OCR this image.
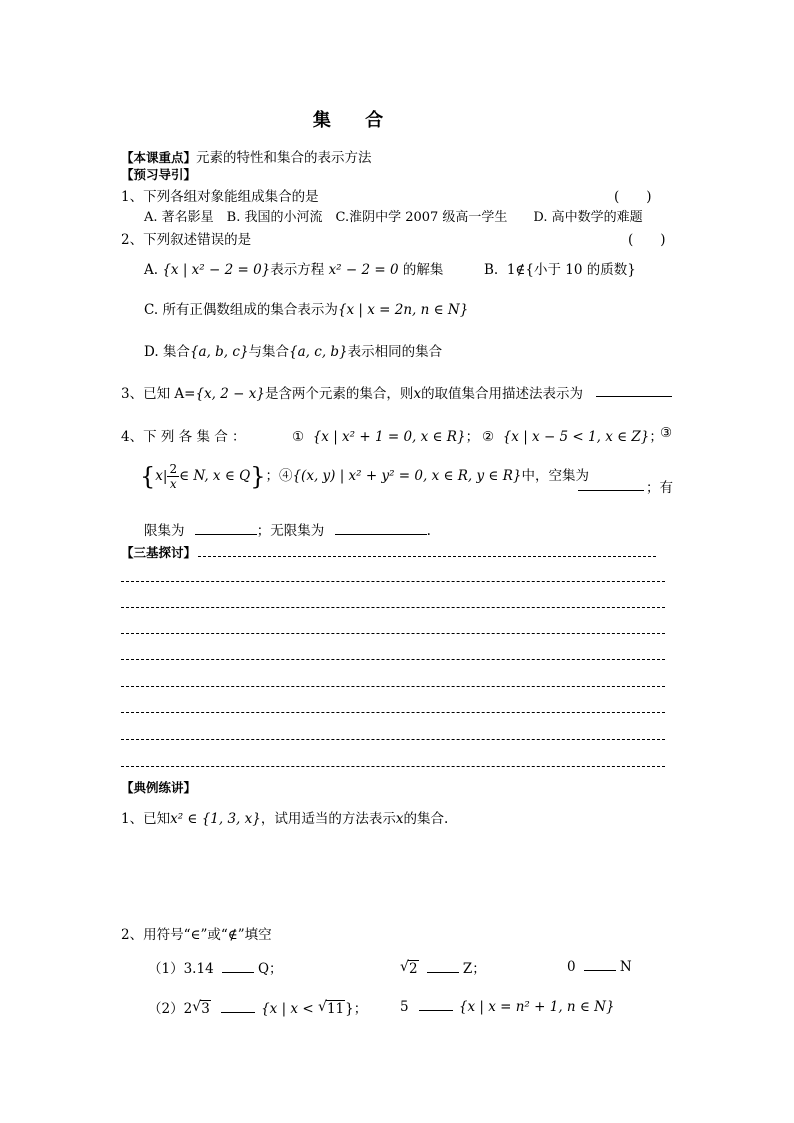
集 合
【本课重点】元素的特性和集合的表示方法
【预习导引】
1、下列各组对象能组成集合的是	(　　)
A. 著名影星　B. 我国的小河流　C.淮阴中学 2007 级高一学生　　D. 高中数学的难题
2、下列叙述错误的是	(　　)
A. {x | x² − 2 = 0}表示方程 x² − 2 = 0 的解集	B. 1∉{小于 10 的质数}
C. 所有正偶数组成的集合表示为{x | x = 2n, n ∈ N}
D. 集合{a, b, c}与集合{a, c, b}表示相同的集合
3、已知 A={x, 2 − x}是含两个元素的集合，则x的取值集合用描述法表示为
4、下 列 各 集 合 ：	① {x | x² + 1 = 0, x ∈ R}； ② {x | x − 5 < 1, x ∈ Z}；
③
{$x| \frac{2}{x}$ ∈ N, x ∈ Q}；④{(x, y) | x² + y² = 0, x ∈ R, y ∈ R}中，空集为
；有
限集为	；无限集为	.
【三基探讨】
【典例练讲】
1、已知x² ∈ {1, 3, x}，试用适当的方法表示x的集合.
2、用符号“∈”或“∉”填空
（1）3.14	Q；	√ 2	Z；	0	N
（2）2 √ 3	{x | x < √ 11}； 5	{x | x = n² + 1, n ∈ N}
